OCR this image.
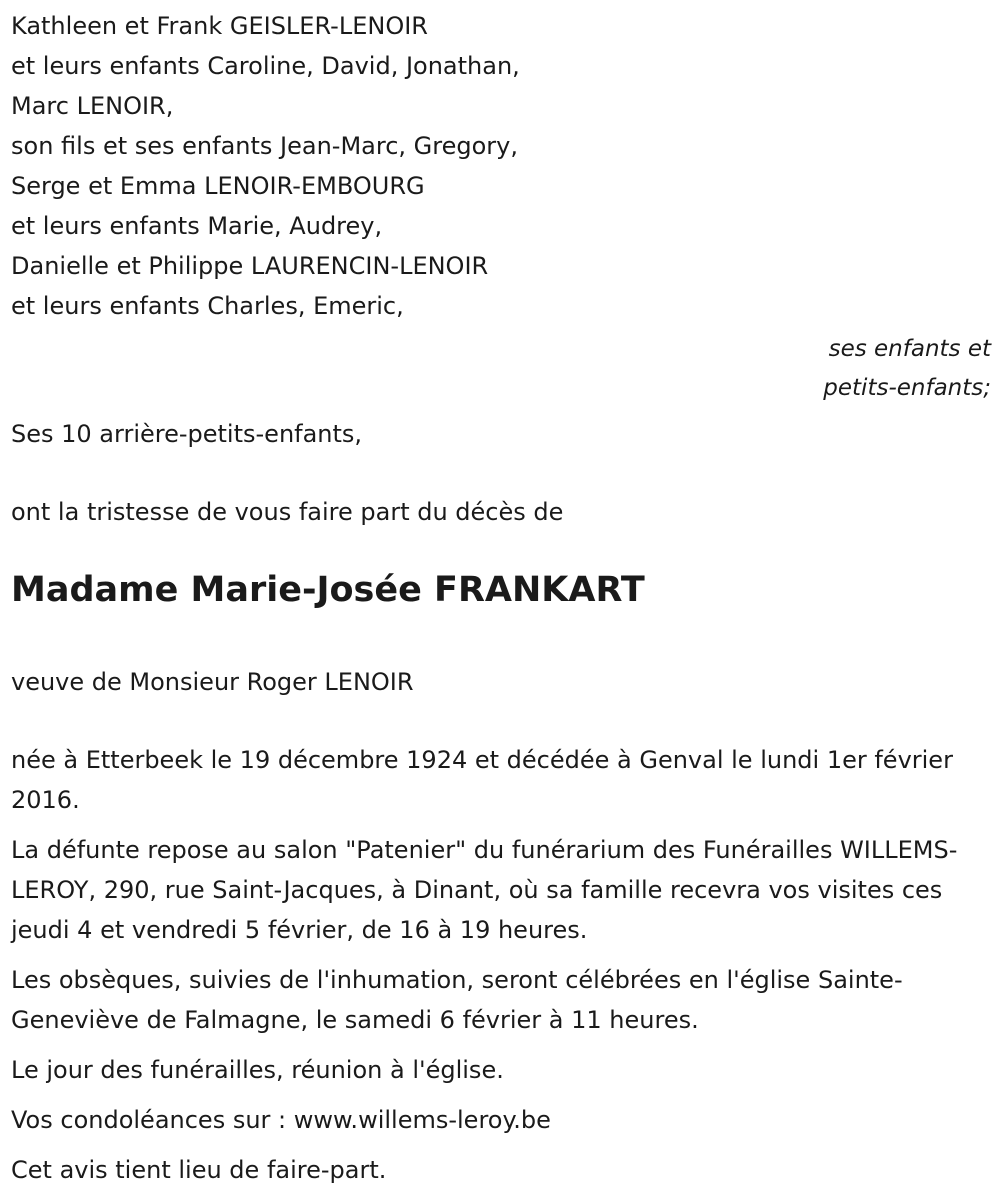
Kathleen et Frank GEISLER-LENOIR
et leurs enfants Caroline, David, Jonathan,
Marc LENOIR,
son fils et ses enfants Jean-Marc, Gregory,
Serge et Emma LENOIR-EMBOURG
et leurs enfants Marie, Audrey,
Danielle et Philippe LAURENCIN-LENOIR
et leurs enfants Charles, Emeric,
ses enfants et
petits-enfants;

Ses 10 arrière-petits-enfants,

ont la tristesse de vous faire part du décès de

Madame Marie-Josée FRANKART

veuve de Monsieur Roger LENOIR

née à Etterbeek le 19 décembre 1924 et décédée à Genval le lundi 1er février 2016.

La défunte repose au salon "Patenier" du funérarium des Funérailles WILLEMS-LEROY, 290, rue Saint-Jacques, à Dinant, où sa famille recevra vos visites ces jeudi 4 et vendredi 5 février, de 16 à 19 heures.

Les obsèques, suivies de l'inhumation, seront célébrées en l'église Sainte-Geneviève de Falmagne, le samedi 6 février à 11 heures.

Le jour des funérailles, réunion à l'église.

Vos condoléances sur : www.willems-leroy.be

Cet avis tient lieu de faire-part.
